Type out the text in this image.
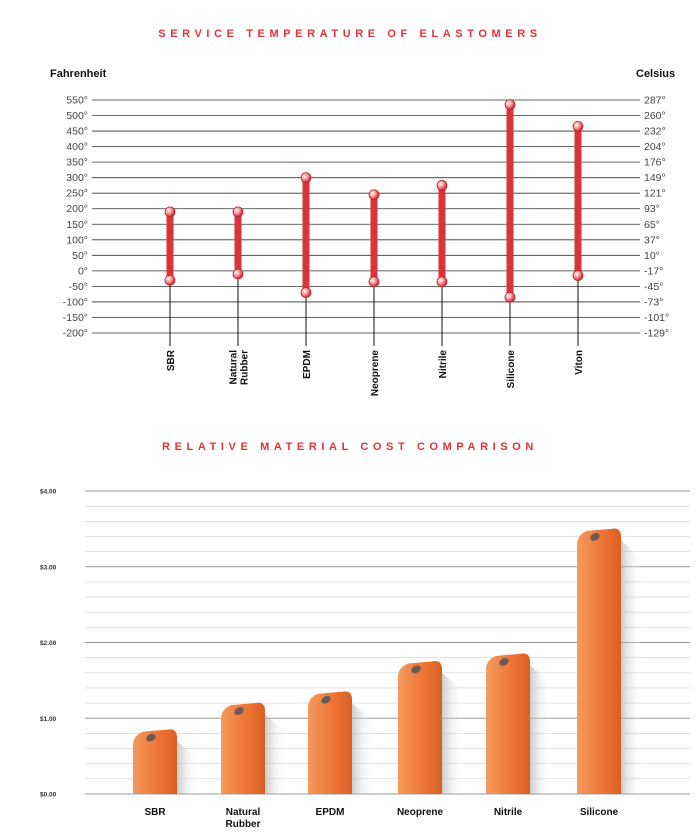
SERVICE TEMPERATURE OF ELASTOMERS
Fahrenheit	Celsius
550°	287°
500°	260°
450°	232°
400°	204°
350°	176°
300°	149°
250°	121°
200°	93°
150°	65°
100°	37°
50°	10°
0°	-17°
-50°	-45°
-100°	-73°
-150°	-101°
-200°	-129°
SBR	Natural Rubber	EPDM	Neoprene	Nitrile	Silicone	Viton
RELATIVE MATERIAL COST COMPARISON
$4.00
$3.00
$2.00
$1.00
$0.00
SBR	Natural
Rubber
EPDM	Neoprene	Nitrile	Silicone
